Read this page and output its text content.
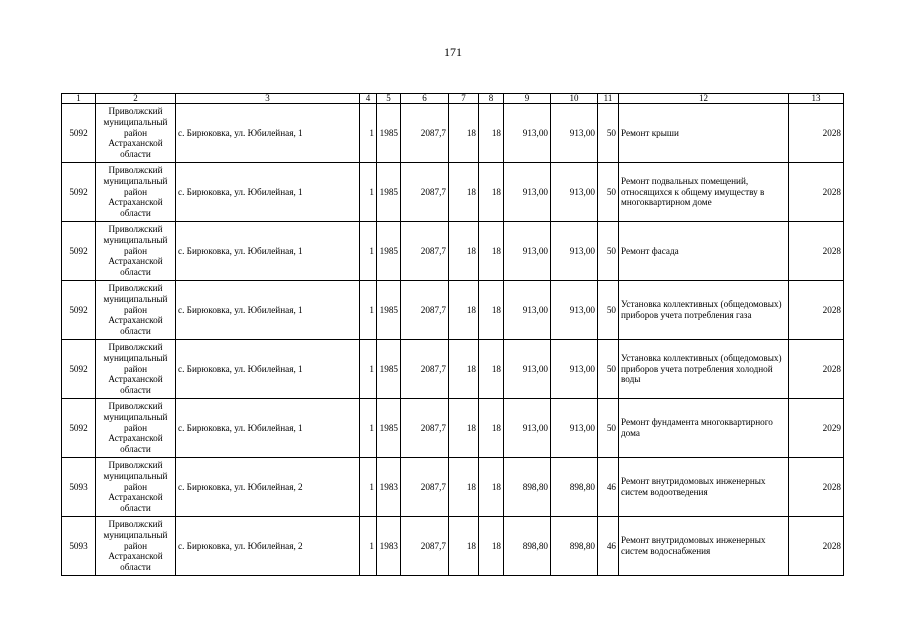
171
1	2	3	4	5	6	7	8	9	10	11	12	13
5092	Приволжский муниципальный район Астраханской области	с. Бирюковка, ул. Юбилейная, 1	1	1985	2087,7	18	18	913,00	913,00	50	Ремонт крыши	2028
5092	Приволжский муниципальный район Астраханской области	с. Бирюковка, ул. Юбилейная, 1	1	1985	2087,7	18	18	913,00	913,00	50	Ремонт подвальных помещений, относящихся к общему имуществу в многоквартирном доме	2028
5092	Приволжский муниципальный район Астраханской области	с. Бирюковка, ул. Юбилейная, 1	1	1985	2087,7	18	18	913,00	913,00	50	Ремонт фасада	2028
5092	Приволжский муниципальный район Астраханской области	с. Бирюковка, ул. Юбилейная, 1	1	1985	2087,7	18	18	913,00	913,00	50	Установка коллективных (общедомовых) приборов учета потребления газа	2028
5092	Приволжский муниципальный район Астраханской области	с. Бирюковка, ул. Юбилейная, 1	1	1985	2087,7	18	18	913,00	913,00	50	Установка коллективных (общедомовых) приборов учета потребления холодной воды	2028
5092	Приволжский муниципальный район Астраханской области	с. Бирюковка, ул. Юбилейная, 1	1	1985	2087,7	18	18	913,00	913,00	50	Ремонт фундамента многоквартирного дома	2029
5093	Приволжский муниципальный район Астраханской области	с. Бирюковка, ул. Юбилейная, 2	1	1983	2087,7	18	18	898,80	898,80	46	Ремонт внутридомовых инженерных систем водоотведения	2028
5093	Приволжский муниципальный район Астраханской области	с. Бирюковка, ул. Юбилейная, 2	1	1983	2087,7	18	18	898,80	898,80	46	Ремонт внутридомовых инженерных систем водоснабжения	2028
